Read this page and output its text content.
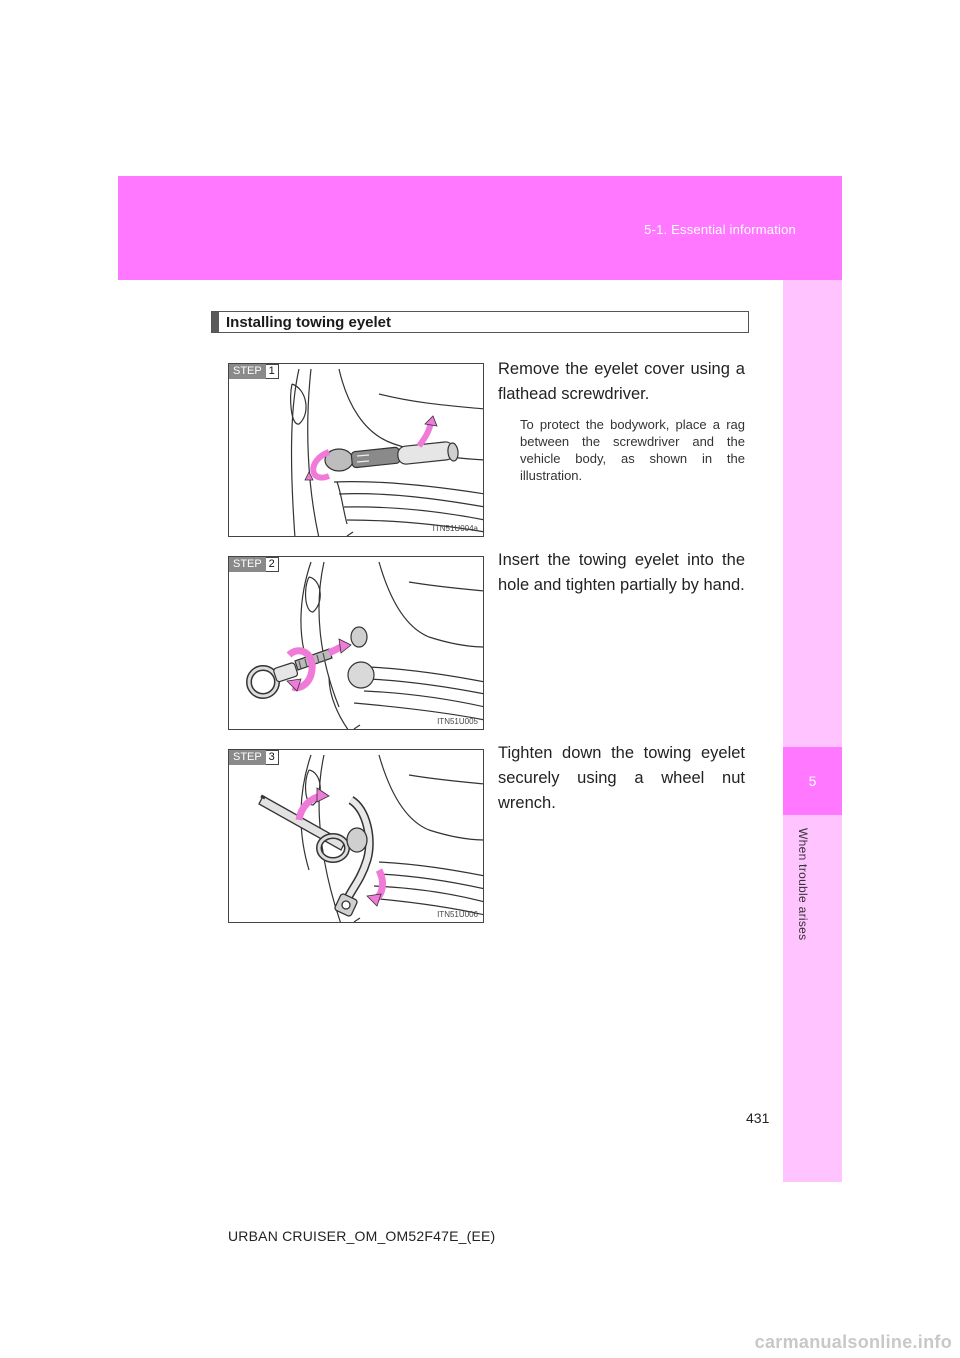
5-1. Essential information
5
When trouble arises
Installing towing eyelet
STEP 1
ITN51U004a
Remove the eyelet cover using a flathead screwdriver.
To protect the bodywork, place a rag between the screwdriver and the vehicle body, as shown in the illustration.
STEP 2
ITN51U005
Insert the towing eyelet into the hole and tighten partially by hand.
STEP 3
ITN51U006
Tighten down the towing eyelet securely using a wheel nut wrench.
431
URBAN CRUISER_OM_OM52F47E_(EE)
carmanualsonline.info
